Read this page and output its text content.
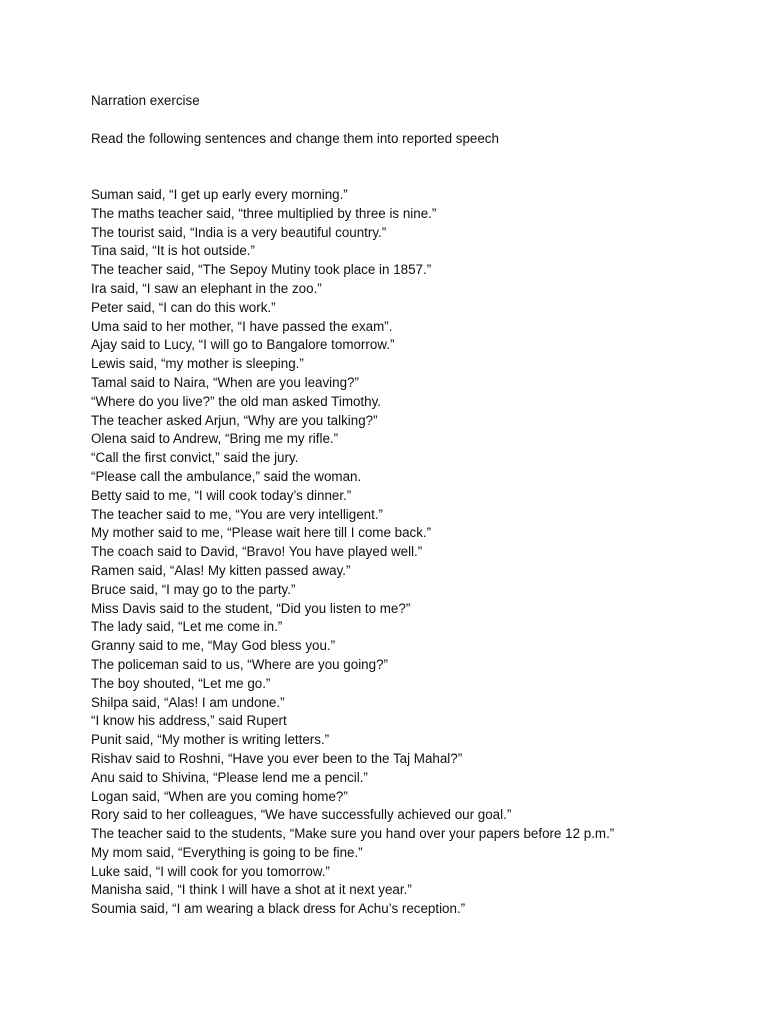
Narration exercise
Read the following sentences and change them into reported speech
Suman said, “I get up early every morning.”
The maths teacher said, “three multiplied by three is nine.”
The tourist said, “India is a very beautiful country.”
Tina said, “It is hot outside.”
The teacher said, “The Sepoy Mutiny took place in 1857.”
Ira said, “I saw an elephant in the zoo.”
Peter said, “I can do this work.”
Uma said to her mother, “I have passed the exam”.
Ajay said to Lucy, “I will go to Bangalore tomorrow.”
Lewis said, “my mother is sleeping.”
Tamal said to Naira, “When are you leaving?”
“Where do you live?” the old man asked Timothy.
The teacher asked Arjun, “Why are you talking?”
Olena said to Andrew, “Bring me my rifle.”
“Call the first convict,” said the jury.
“Please call the ambulance,” said the woman.
Betty said to me, “I will cook today’s dinner.”
The teacher said to me, “You are very intelligent.”
My mother said to me, “Please wait here till I come back.”
The coach said to David, “Bravo! You have played well.”
Ramen said, “Alas! My kitten passed away.”
Bruce said, “I may go to the party.”
Miss Davis said to the student, “Did you listen to me?”
The lady said, “Let me come in.”
Granny said to me, “May God bless you.”
The policeman said to us, “Where are you going?”
The boy shouted, “Let me go.”
Shilpa said, “Alas! I am undone.”
“I know his address,” said Rupert
Punit said, “My mother is writing letters.”
Rishav said to Roshni, “Have you ever been to the Taj Mahal?”
Anu said to Shivina, “Please lend me a pencil.”
Logan said, “When are you coming home?”
Rory said to her colleagues, “We have successfully achieved our goal.”
The teacher said to the students, “Make sure you hand over your papers before 12 p.m.”
My mom said, “Everything is going to be fine.”
Luke said, “I will cook for you tomorrow.”
Manisha said, “I think I will have a shot at it next year.”
Soumia said, “I am wearing a black dress for Achu’s reception.”
